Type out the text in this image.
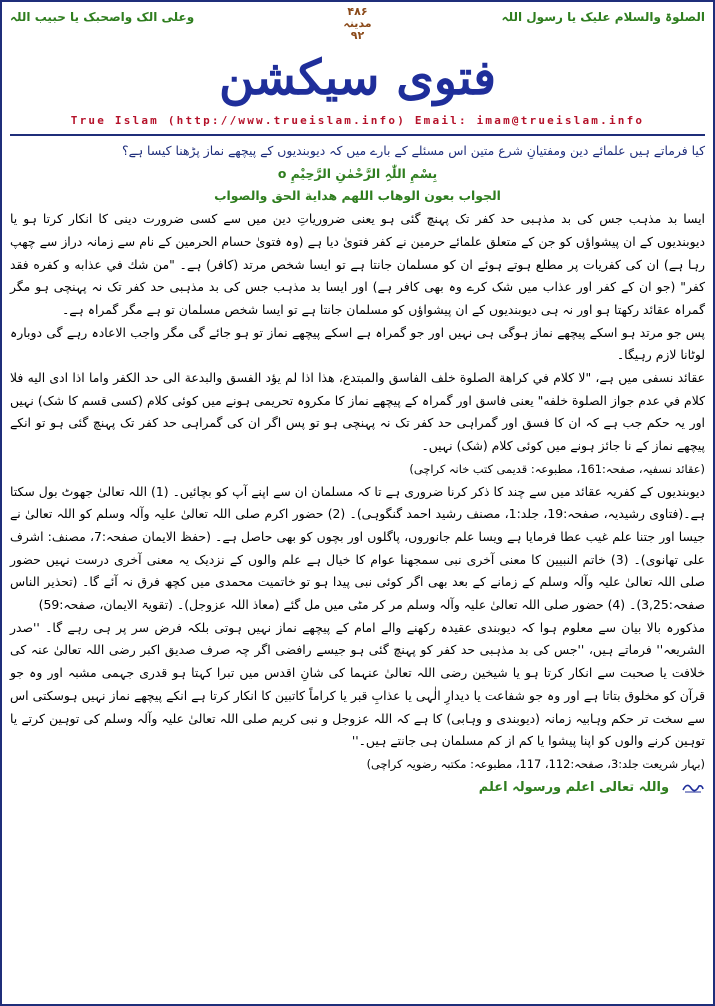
الصلوۃ والسلام علیک یا رسول اللہ
۴۸۶
مدینہ
۹۲
وعلی الک واصحبک یا حبیب اللہ
فتوی سیکشن
True Islam (http://www.trueislam.info) Email: imam@trueislam.info

کیا فرماتے ہیں علمائے دین ومفتیانِ شرع متین اس مسئلے کے بارے میں کہ دیوبندیوں کے پیچھے نماز پڑھنا کیسا ہے؟

بِسْمِ اللّٰہِ الرَّحْمٰنِ الرَّحِیْمِ o

الجواب بعون الوهاب اللهم هداية الحق والصواب

ایسا بد مذہب جس کی بد مذہبی حد کفر تک پہنچ گئی ہو یعنی ضروریاتِ دین میں سے کسی ضرورت دینی کا انکار کرتا ہو یا دیوبندیوں کے ان پیشواؤں کو جن کے متعلق علمائے حرمین نے کفر فتویٰ دیا ہے (وہ فتویٰ حسام الحرمین کے نام سے زمانہ دراز سے چھپ رہا ہے) ان کی کفریات پر مطلع ہوتے ہوئے ان کو مسلمان جانتا ہے تو ایسا شخص مرتد (کافر) ہے۔ "من شك في عذابه و كفره فقد كفر" (جو ان کے کفر اور عذاب میں شک کرے وہ بھی کافر ہے) اور ایسا بد مذہب جس کی بد مذہبی حد کفر تک نہ پہنچی ہو مگر گمراہ عقائد رکھتا ہو اور نہ ہی دیوبندیوں کے ان پیشواؤں کو مسلمان جانتا ہے تو ایسا شخص مسلمان تو ہے مگر گمراہ ہے۔

پس جو مرتد ہو اسکے پیچھے نماز ہوگی ہی نہیں اور جو گمراہ ہے اسکے پیچھے نماز تو ہو جائے گی مگر واجب الاعادہ رہے گی دوبارہ لوٹانا لازم رہیگا۔

عقائد نسفی میں ہے، "لا كلام في كراهة الصلوة خلف الفاسق والمبتدع، هذا اذا لم يؤد الفسق والبدعة الى حد الكفر واما اذا ادى اليه فلا كلام في عدم جواز الصلوة خلفه" یعنی فاسق اور گمراہ کے پیچھے نماز کا مکروہ تحریمی ہونے میں کوئی کلام (کسی قسم کا شک) نہیں اور یہ حکم جب ہے کہ ان کا فسق اور گمراہی حد کفر تک نہ پہنچی ہو تو پس اگر ان کی گمراہی حد کفر تک پہنچ گئی ہو تو انکے پیچھے نماز کے نا جائز ہونے میں کوئی کلام (شک) نہیں۔

(عقائد نسفیہ، صفحہ:161، مطبوعہ: قدیمی کتب خانہ کراچی)

دیوبندیوں کے کفریہ عقائد میں سے چند کا ذکر کرنا ضروری ہے تا کہ مسلمان ان سے اپنے آپ کو بچائیں۔ (1) اللہ تعالیٰ جھوٹ بول سکتا ہے۔(فتاوی رشیدیہ، صفحہ:19، جلد:1، مصنف رشید احمد گنگوہی)۔ (2) حضور اکرم صلی اللہ تعالیٰ علیہ وآلہ وسلم کو اللہ تعالیٰ نے جیسا اور جتنا علم غیب عطا فرمایا ہے ویسا علم جانوروں، پاگلوں اور بچوں کو بھی حاصل ہے۔ (حفظ الایمان صفحہ:7، مصنف: اشرف علی تھانوی)۔ (3) خاتم النبیین کا معنی آخری نبی سمجھنا عوام کا خیال ہے علم والوں کے نزدیک یہ معنی آخری درست نہیں حضور صلی اللہ تعالیٰ علیہ وآلہ وسلم کے زمانے کے بعد بھی اگر کوئی نبی پیدا ہو تو خاتمیت محمدی میں کچھ فرق نہ آئے گا۔ (تحذیر الناس صفحہ:3,25)۔ (4) حضور صلی اللہ تعالیٰ علیہ وآلہ وسلم مر کر مٹی میں مل گئے (معاذ اللہ عزوجل)۔ (تقویۃ الایمان، صفحہ:59)

مذکورہ بالا بیان سے معلوم ہوا کہ دیوبندی عقیدہ رکھنے والے امام کے پیچھے نماز نہیں ہوتی بلکہ فرض سر پر ہی رہے گا۔ ''صدر الشریعہ'' فرماتے ہیں، ''جس کی بد مذہبی حد کفر کو پہنچ گئی ہو جیسے رافضی اگر چہ صرف صدیق اکبر رضی اللہ تعالیٰ عنہ کی خلافت یا صحبت سے انکار کرتا ہو یا شیخین رضی اللہ تعالیٰ عنہما کی شانِ اقدس میں تبرا کہتا ہو قدری جہمی مشبہ اور وہ جو قرآن کو مخلوق بتاتا ہے اور وہ جو شفاعت یا دیدارِ الٰہی یا عذابِ قبر یا کراماً کاتبین کا انکار کرتا ہے انکے پیچھے نماز نہیں ہوسکتی اس سے سخت تر حکم وہابیہ زمانہ (دیوبندی و وہابی) کا ہے کہ اللہ عزوجل و نبی کریم صلی اللہ تعالیٰ علیہ وآلہ وسلم کی توہین کرتے یا توہین کرنے والوں کو اپنا پیشوا یا کم از کم مسلمان ہی جانتے ہیں۔''

(بہار شریعت جلد:3، صفحہ:112، 117، مطبوعہ: مکتبہ رضویہ کراچی)

واللہ تعالی اعلم ورسولہ اعلم
